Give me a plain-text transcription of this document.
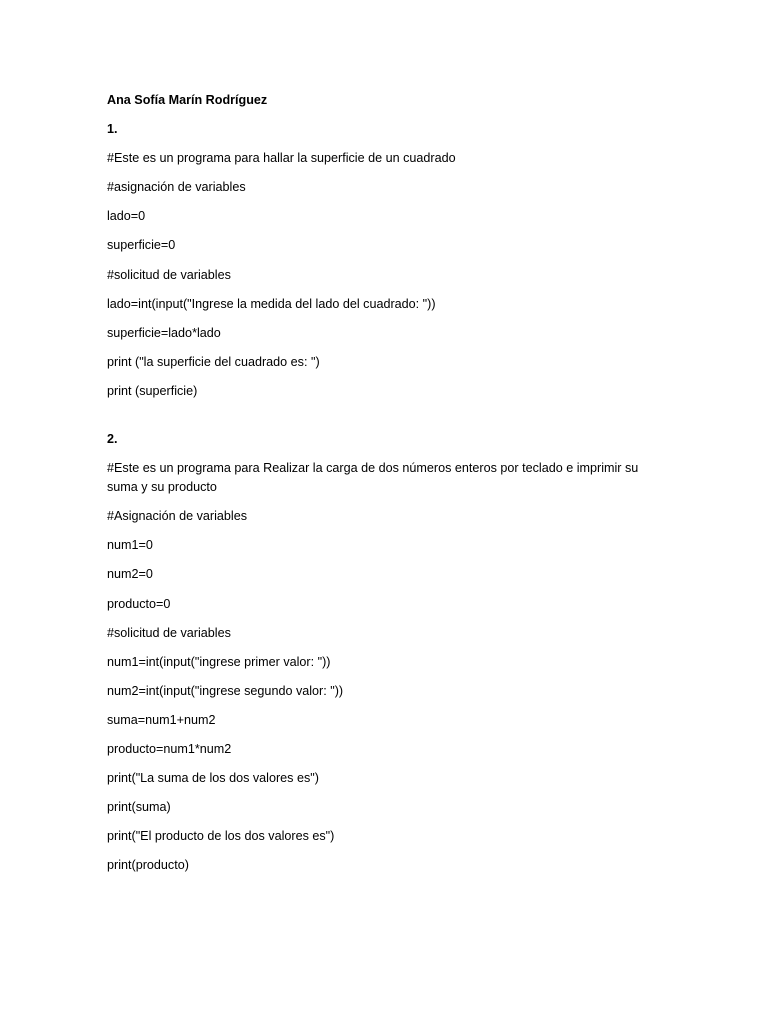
Ana Sofía Marín Rodríguez
1.
#Este es un programa para hallar la superficie de un cuadrado
#asignación de variables
lado=0
superficie=0
#solicitud de variables
lado=int(input("Ingrese la medida del lado del cuadrado: "))
superficie=lado*lado
print ("la superficie del cuadrado es: ")
print (superficie)
2.
#Este es un programa para Realizar la carga de dos números enteros por teclado e imprimir su suma y su producto
#Asignación de variables
num1=0
num2=0
producto=0
#solicitud de variables
num1=int(input("ingrese primer valor: "))
num2=int(input("ingrese segundo valor: "))
suma=num1+num2
producto=num1*num2
print("La suma de los dos valores es")
print(suma)
print("El producto de los dos valores es")
print(producto)
